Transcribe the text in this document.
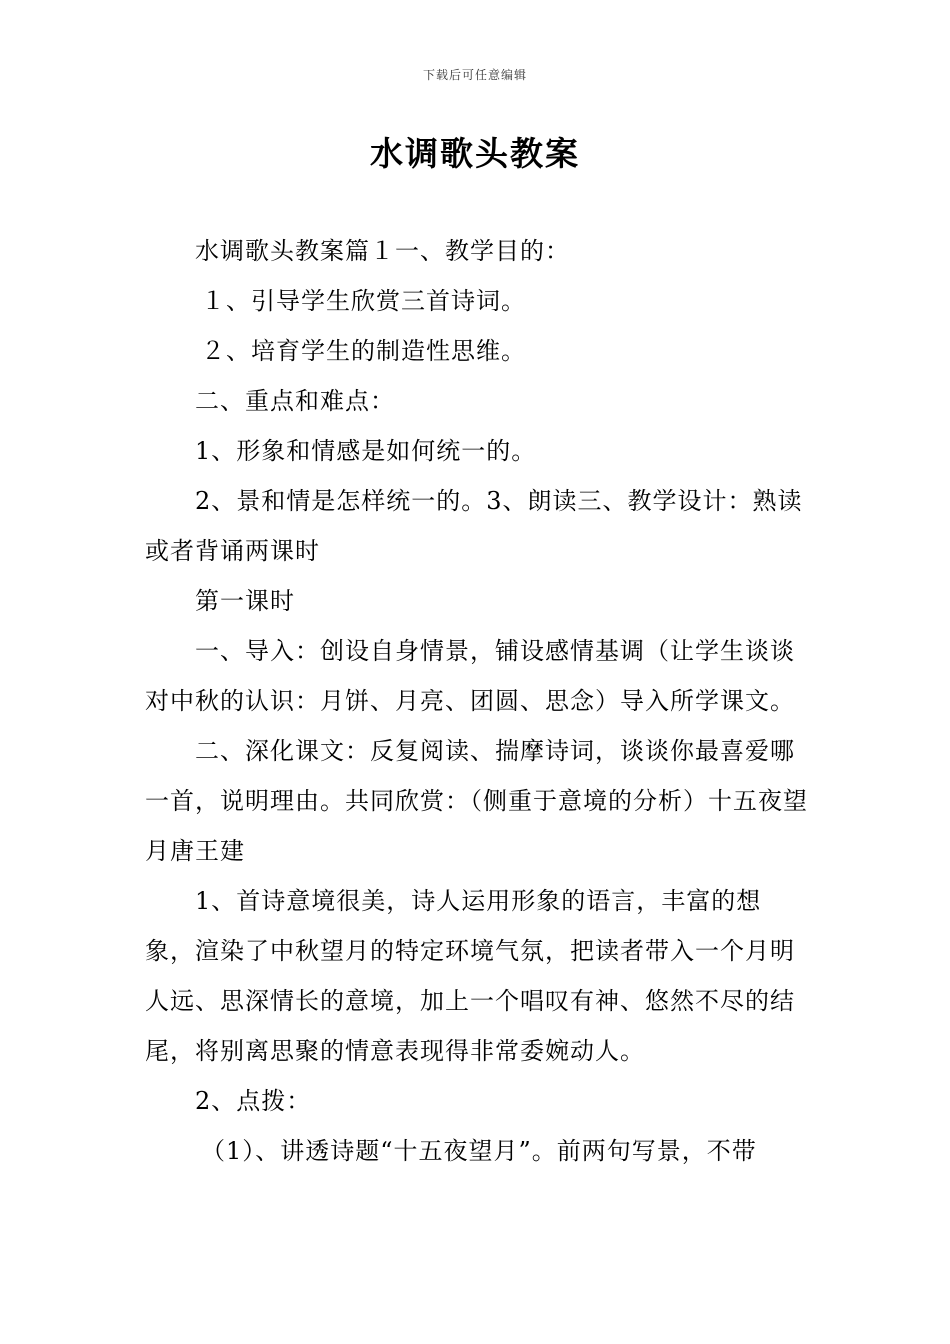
下载后可任意编辑
水调歌头教案

水调歌头教案篇１一、教学目的：

１、引导学生欣赏三首诗词。

２、培育学生的制造性思维。

二、重点和难点：

1、形象和情感是如何统一的。

2、景和情是怎样统一的。3、朗读三、教学设计：熟读或者背诵两课时

第一课时

一、导入：创设自身情景，铺设感情基调（让学生谈谈对中秋的认识：月饼、月亮、团圆、思念）导入所学课文。

二、深化课文：反复阅读、揣摩诗词，谈谈你最喜爱哪一首，说明理由。共同欣赏：（侧重于意境的分析）十五夜望月唐王建

1、首诗意境很美，诗人运用形象的语言，丰富的想象，渲染了中秋望月的特定环境气氛，把读者带入一个月明人远、思深情长的意境，加上一个唱叹有神、悠然不尽的结尾，将别离思聚的情意表现得非常委婉动人。

2、点拨：

（1）、讲透诗题“十五夜望月”。前两句写景，不带
